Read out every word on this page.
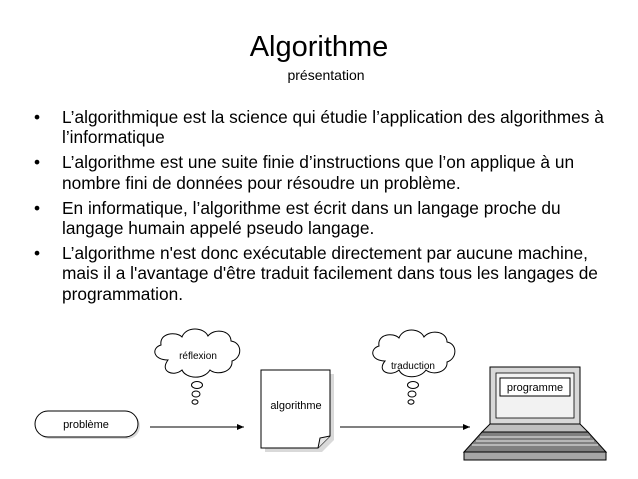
Algorithme
présentation
• L’algorithmique est la science qui étudie l’application des algorithmes à l’informatique
• L’algorithme est une suite finie d’instructions que l’on applique à un nombre fini de données pour résoudre un problème.
• En informatique, l’algorithme est écrit dans un langage proche du langage humain appelé pseudo langage.
• L’algorithme n'est donc exécutable directement par aucune machine, mais il a l'avantage d'être traduit facilement dans tous les langages de programmation.
problème
réflexion
algorithme
traduction
programme
